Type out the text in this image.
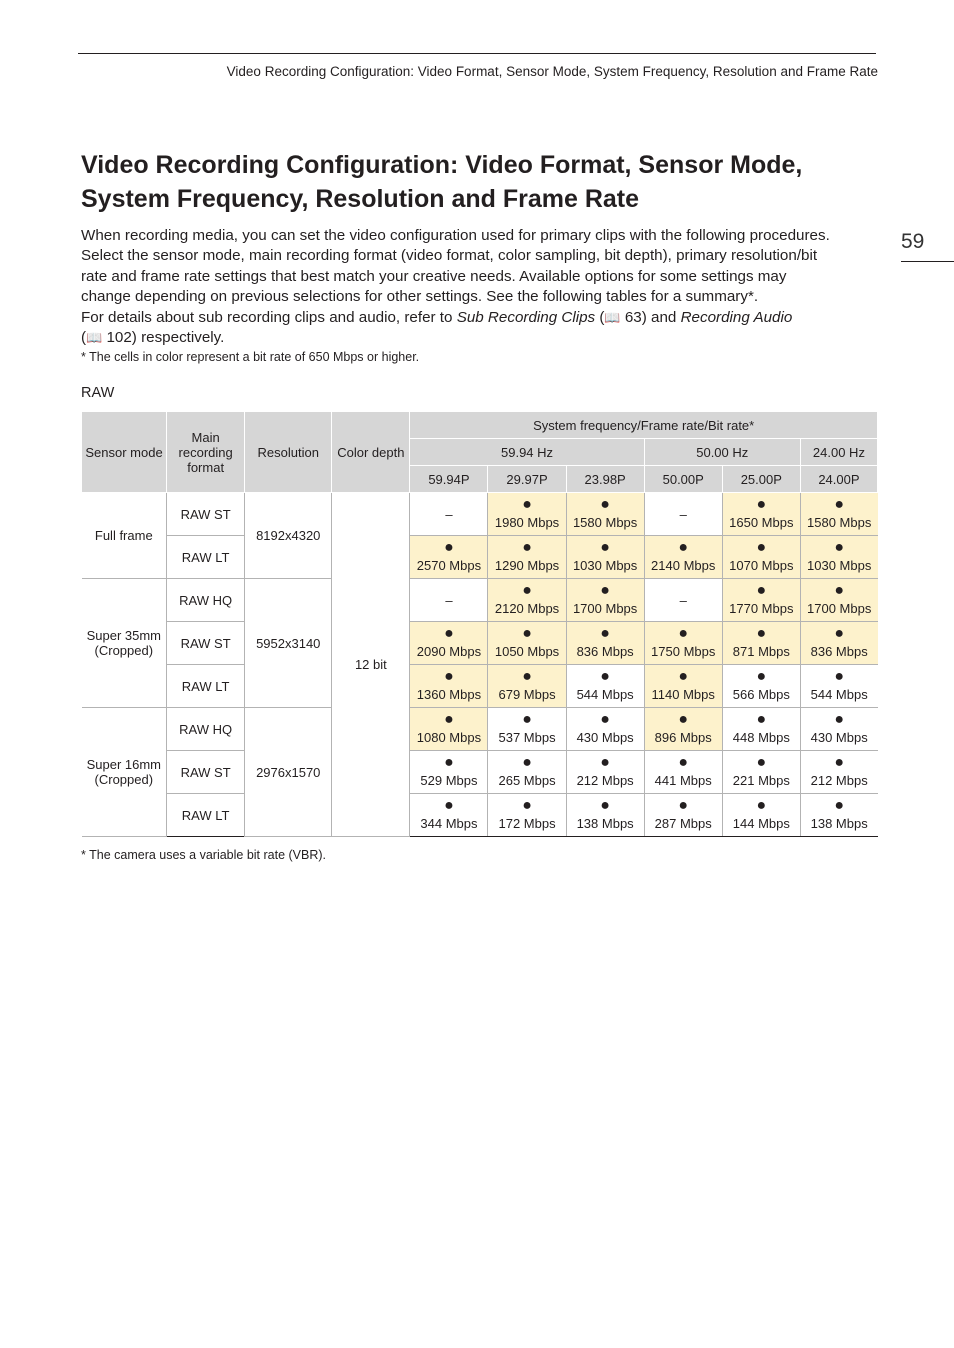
Video Recording Configuration: Video Format, Sensor Mode, System Frequency, Resolution and Frame Rate
59
Video Recording Configuration: Video Format, Sensor Mode,
System Frequency, Resolution and Frame Rate
When recording media, you can set the video configuration used for primary clips with the following procedures.
Select the sensor mode, main recording format (video format, color sampling, bit depth), primary resolution/bit
rate and frame rate settings that best match your creative needs. Available options for some settings may
change depending on previous selections for other settings. See the following tables for a summary*.
For details about sub recording clips and audio, refer to Sub Recording Clips (📖 63) and Recording Audio
(📖 102) respectively.
* The cells in color represent a bit rate of 650 Mbps or higher.
RAW
Sensor mode	Main
recording
format	Resolution	Color depth	System frequency/Frame rate/Bit rate*					
				59.94 Hz			50.00 Hz		24.00 Hz
				59.94P	29.97P	23.98P	50.00P	25.00P	24.00P

Full frame	RAW ST	8192x4320	12 bit	–	●
1980 Mbps	●
1580 Mbps	–	●
1650 Mbps	●
1580 Mbps

	RAW LT			●
2570 Mbps	●
1290 Mbps	●
1030 Mbps	●
2140 Mbps	●
1070 Mbps	●
1030 Mbps

Super 35mm
(Cropped)	RAW HQ	5952x3140		–	●
2120 Mbps	●
1700 Mbps	–	●
1770 Mbps	●
1700 Mbps

	RAW ST			●
2090 Mbps	●
1050 Mbps	●
836 Mbps	●
1750 Mbps	●
871 Mbps	●
836 Mbps

	RAW LT			●
1360 Mbps	●
679 Mbps	●
544 Mbps	●
1140 Mbps	●
566 Mbps	●
544 Mbps

Super 16mm
(Cropped)	RAW HQ	2976x1570		●
1080 Mbps	●
537 Mbps	●
430 Mbps	●
896 Mbps	●
448 Mbps	●
430 Mbps

	RAW ST			●
529 Mbps	●
265 Mbps	●
212 Mbps	●
441 Mbps	●
221 Mbps	●
212 Mbps

	RAW LT			●
344 Mbps	●
172 Mbps	●
138 Mbps	●
287 Mbps	●
144 Mbps	●
138 Mbps
* The camera uses a variable bit rate (VBR).
